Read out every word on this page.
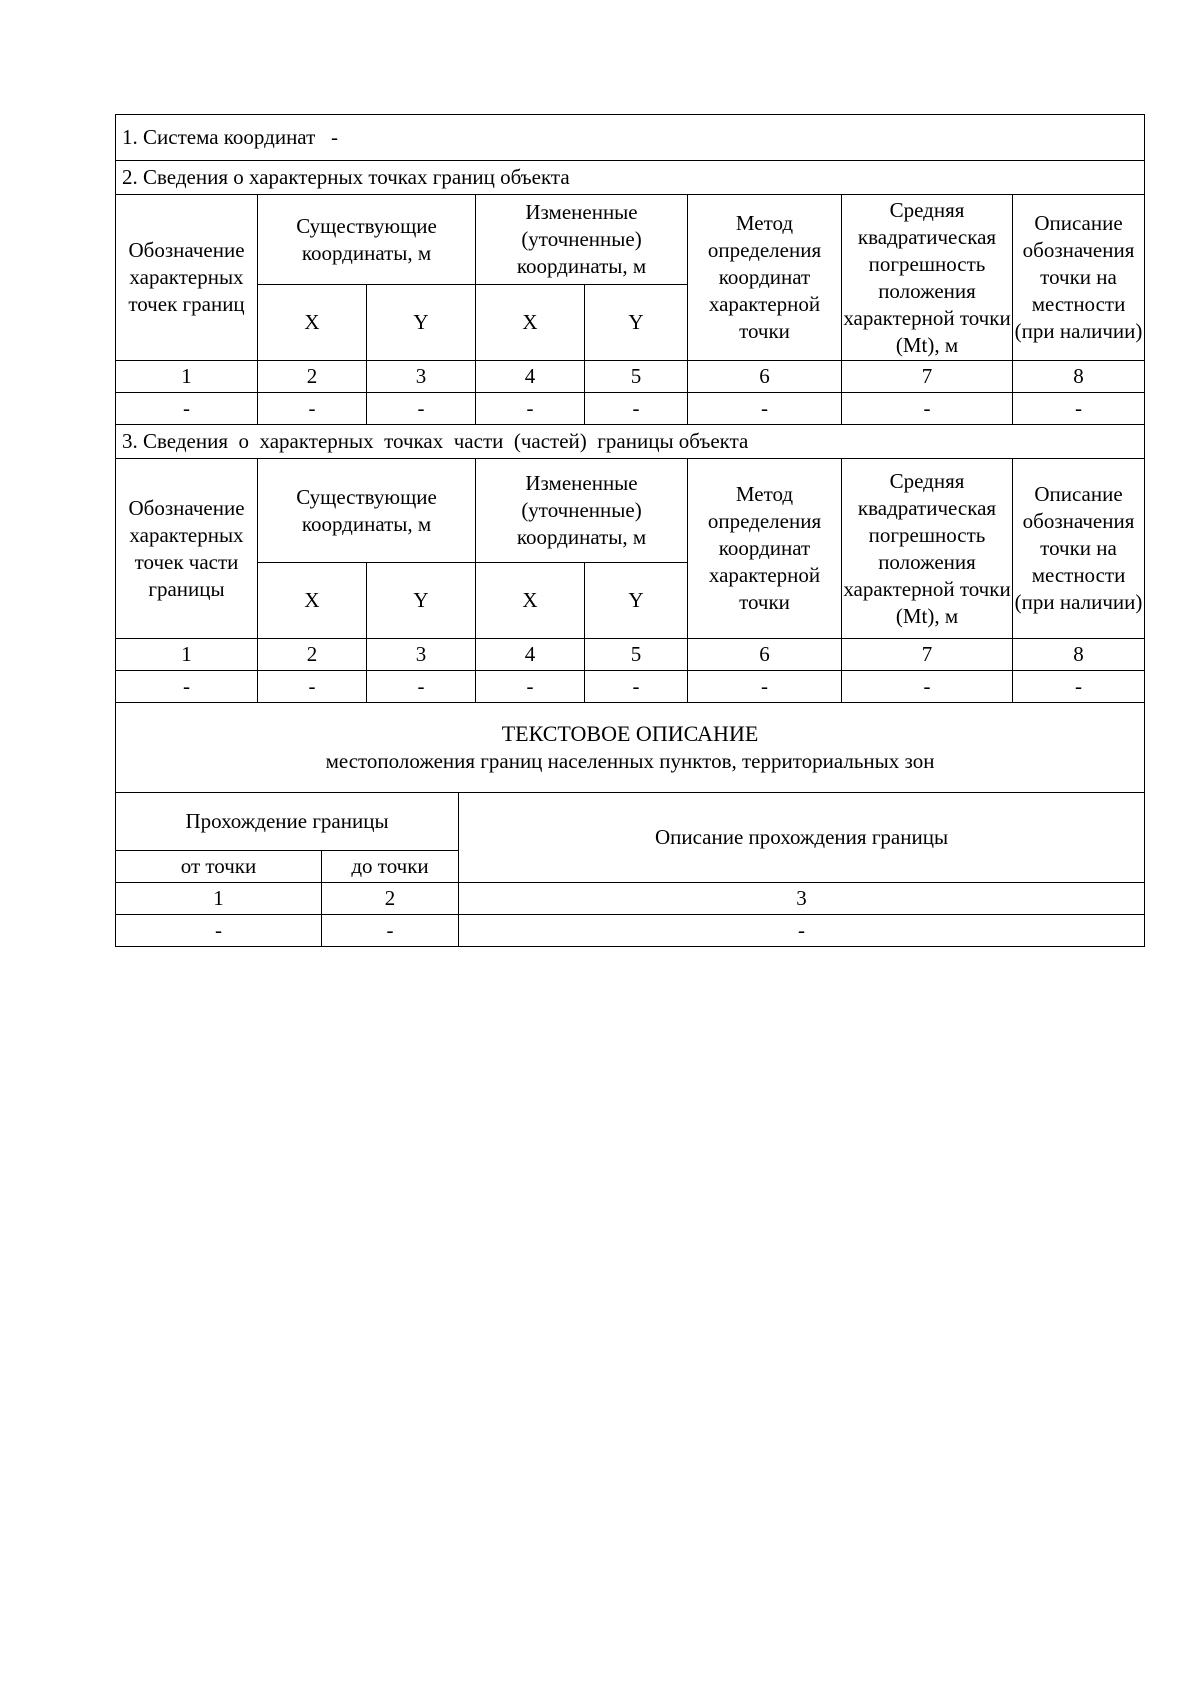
1. Система координат -							
2. Сведения о характерных точках границ объекта							
Обозначение характерных точек границ	Существующие координаты, м		Измененные (уточненные) координаты, м		Метод определения координат характерной точки	Средняя квадратическая погрешность положения характерной точки (Mt), м	Описание обозначения точки на местности (при наличии)
	X	Y	X	Y			
1	2	3	4	5	6	7	8
-	-	-	-	-	-	-	-
3. Сведения  о  характерных  точках  части  (частей)  границы объекта							
Обозначение характерных точек части границы	Существующие координаты, м		Измененные (уточненные) координаты, м		Метод определения координат характерной точки	Средняя квадратическая погрешность положения характерной точки (Mt), м	Описание обозначения точки на местности (при наличии)
	X	Y	X	Y			
1	2	3	4	5	6	7	8
-	-	-	-	-	-	-	-

ТЕКСТОВОЕ ОПИСАНИЕ
местоположения границ населенных пунктов, территориальных зон							
Прохождение границы		Описание прохождения границы
от точки	до точки	
1	2	3
-	-	-
